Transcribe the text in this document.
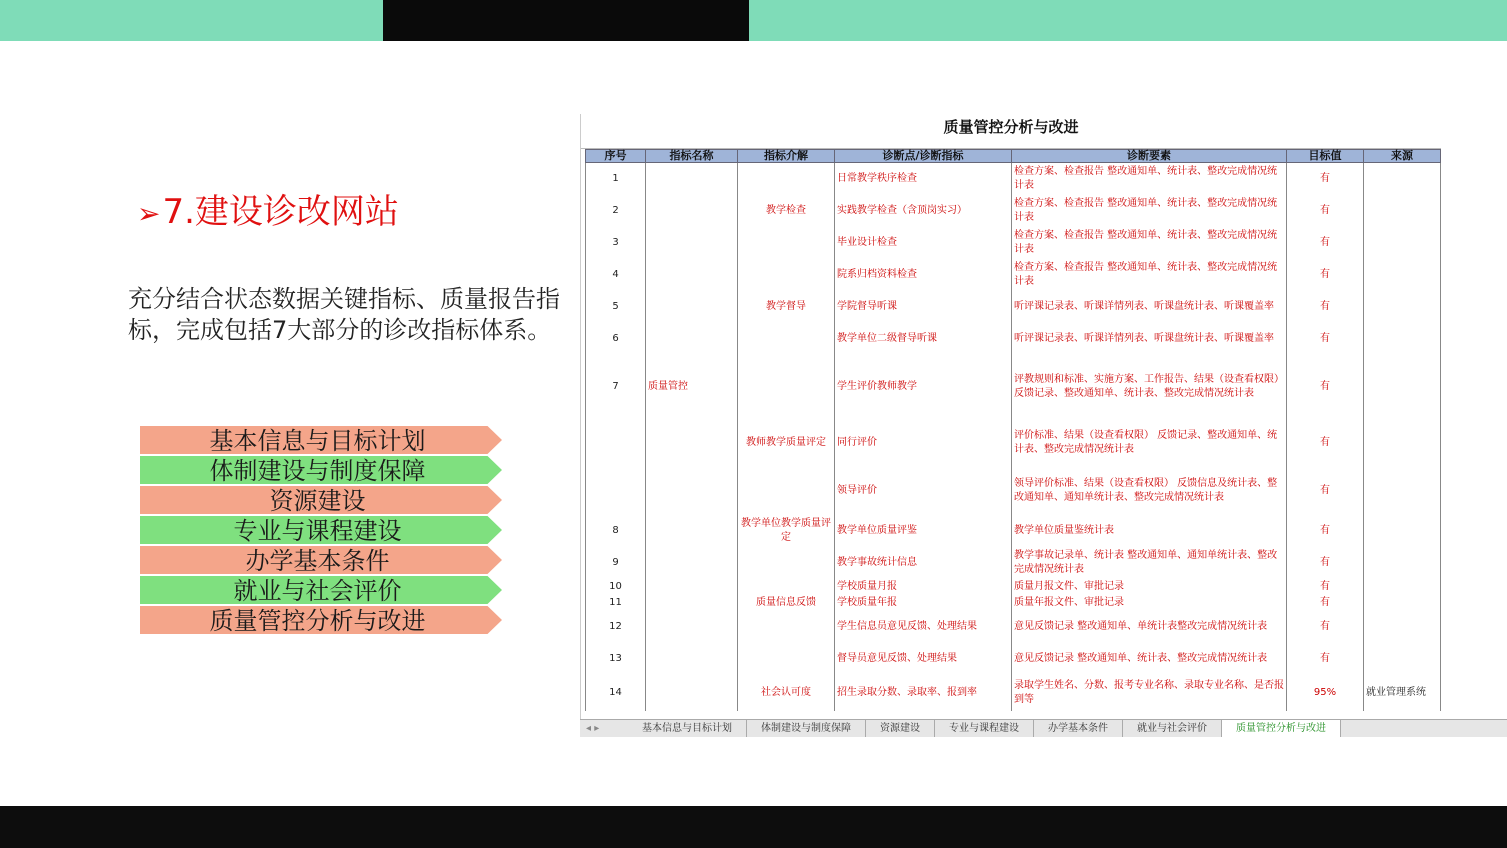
➢7.建设诊改网站
充分结合状态数据关键指标、质量报告指标，完成包括7大部分的诊改指标体系。
基本信息与目标计划
体制建设与制度保障
资源建设
专业与课程建设
办学基本条件
就业与社会评价
质量管控分析与改进
质量管控分析与改进
序号	指标名称	指标介解	诊断点/诊断指标	诊断要素	目标值	来源
1			日常教学秩序检查	检查方案、检查报告 整改通知单、统计表、整改完成情况统计表	有	
2		教学检查	实践教学检查（含顶岗实习）	检查方案、检查报告 整改通知单、统计表、整改完成情况统计表	有	
3			毕业设计检查	检查方案、检查报告 整改通知单、统计表、整改完成情况统计表	有	
4			院系归档资料检查	检查方案、检查报告 整改通知单、统计表、整改完成情况统计表	有	
5		教学督导	学院督导听课	听评课记录表、听课详情列表、听课盘统计表、听课覆盖率	有	
6			教学单位二级督导听课	听评课记录表、听课详情列表、听课盘统计表、听课覆盖率	有	
7	质量管控		学生评价教师教学	评教规则和标准、实施方案、工作报告、结果（设查看权限） 反馈记录、整改通知单、统计表、整改完成情况统计表	有	
		教师教学质量评定	同行评价	评价标准、结果（设查看权限） 反馈记录、整改通知单、统计表、整改完成情况统计表	有	
			领导评价	领导评价标准、结果（设查看权限） 反馈信息及统计表、整改通知单、通知单统计表、整改完成情况统计表	有	
8		教学单位教学质量评定	教学单位质量评鉴	教学单位质量鉴统计表	有	
9			教学事故统计信息	教学事故记录单、统计表 整改通知单、通知单统计表、整改完成情况统计表	有	
10			学校质量月报	质量月报文件、审批记录	有	
11		质量信息反馈	学校质量年报	质量年报文件、审批记录	有	
12			学生信息员意见反馈、处理结果	意见反馈记录 整改通知单、单统计表整改完成情况统计表	有	
13			督导员意见反馈、处理结果	意见反馈记录 整改通知单、统计表、整改完成情况统计表	有	
14		社会认可度	招生录取分数、录取率、报到率	录取学生姓名、分数、报考专业名称、录取专业名称、是否报到等	95%	就业管理系统
◂ ▸	基本信息与目标计划	体制建设与制度保障	资源建设	专业与课程建设	办学基本条件	就业与社会评价	质量管控分析与改进
